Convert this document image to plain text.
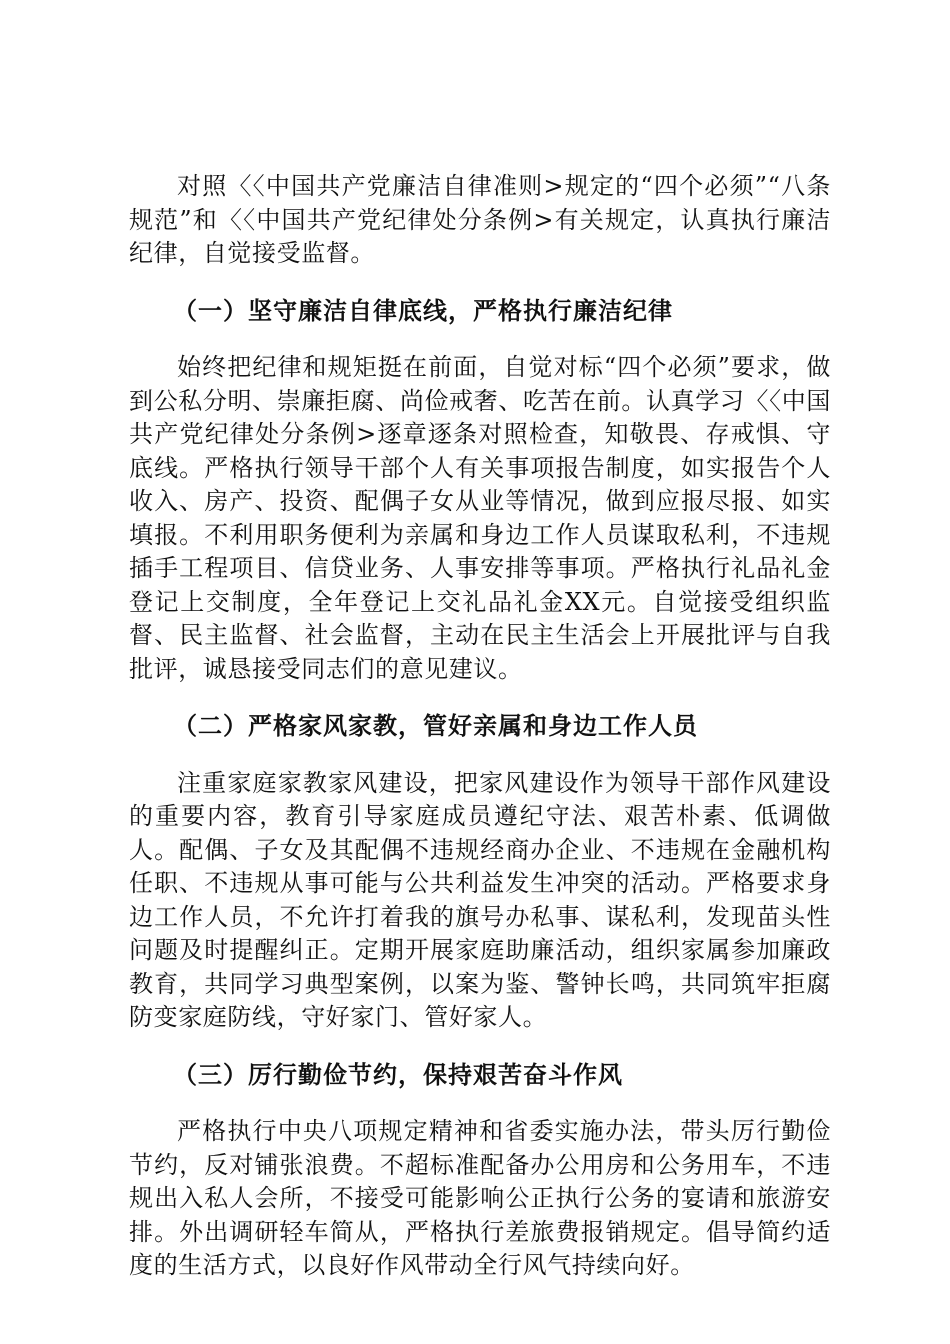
对照〈〈中国共产党廉洁自律准则>规定的“四个必须”“八条规范”和〈〈中国共产党纪律处分条例>有关规定，认真执行廉洁纪律，自觉接受监督。

（一）坚守廉洁自律底线，严格执行廉洁纪律

始终把纪律和规矩挺在前面，自觉对标“四个必须”要求，做到公私分明、崇廉拒腐、尚俭戒奢、吃苦在前。认真学习〈〈中国共产党纪律处分条例>逐章逐条对照检查，知敬畏、存戒惧、守底线。严格执行领导干部个人有关事项报告制度，如实报告个人收入、房产、投资、配偶子女从业等情况，做到应报尽报、如实填报。不利用职务便利为亲属和身边工作人员谋取私利，不违规插手工程项目、信贷业务、人事安排等事项。严格执行礼品礼金登记上交制度，全年登记上交礼品礼金XX元。自觉接受组织监督、民主监督、社会监督，主动在民主生活会上开展批评与自我批评，诚恳接受同志们的意见建议。

（二）严格家风家教，管好亲属和身边工作人员

注重家庭家教家风建设，把家风建设作为领导干部作风建设的重要内容，教育引导家庭成员遵纪守法、艰苦朴素、低调做人。配偶、子女及其配偶不违规经商办企业、不违规在金融机构任职、不违规从事可能与公共利益发生冲突的活动。严格要求身边工作人员，不允许打着我的旗号办私事、谋私利，发现苗头性问题及时提醒纠正。定期开展家庭助廉活动，组织家属参加廉政教育，共同学习典型案例，以案为鉴、警钟长鸣，共同筑牢拒腐防变家庭防线，守好家门、管好家人。

（三）厉行勤俭节约，保持艰苦奋斗作风

严格执行中央八项规定精神和省委实施办法，带头厉行勤俭节约，反对铺张浪费。不超标准配备办公用房和公务用车，不违规出入私人会所，不接受可能影响公正执行公务的宴请和旅游安排。外出调研轻车简从，严格执行差旅费报销规定。倡导简约适度的生活方式，以良好作风带动全行风气持续向好。
